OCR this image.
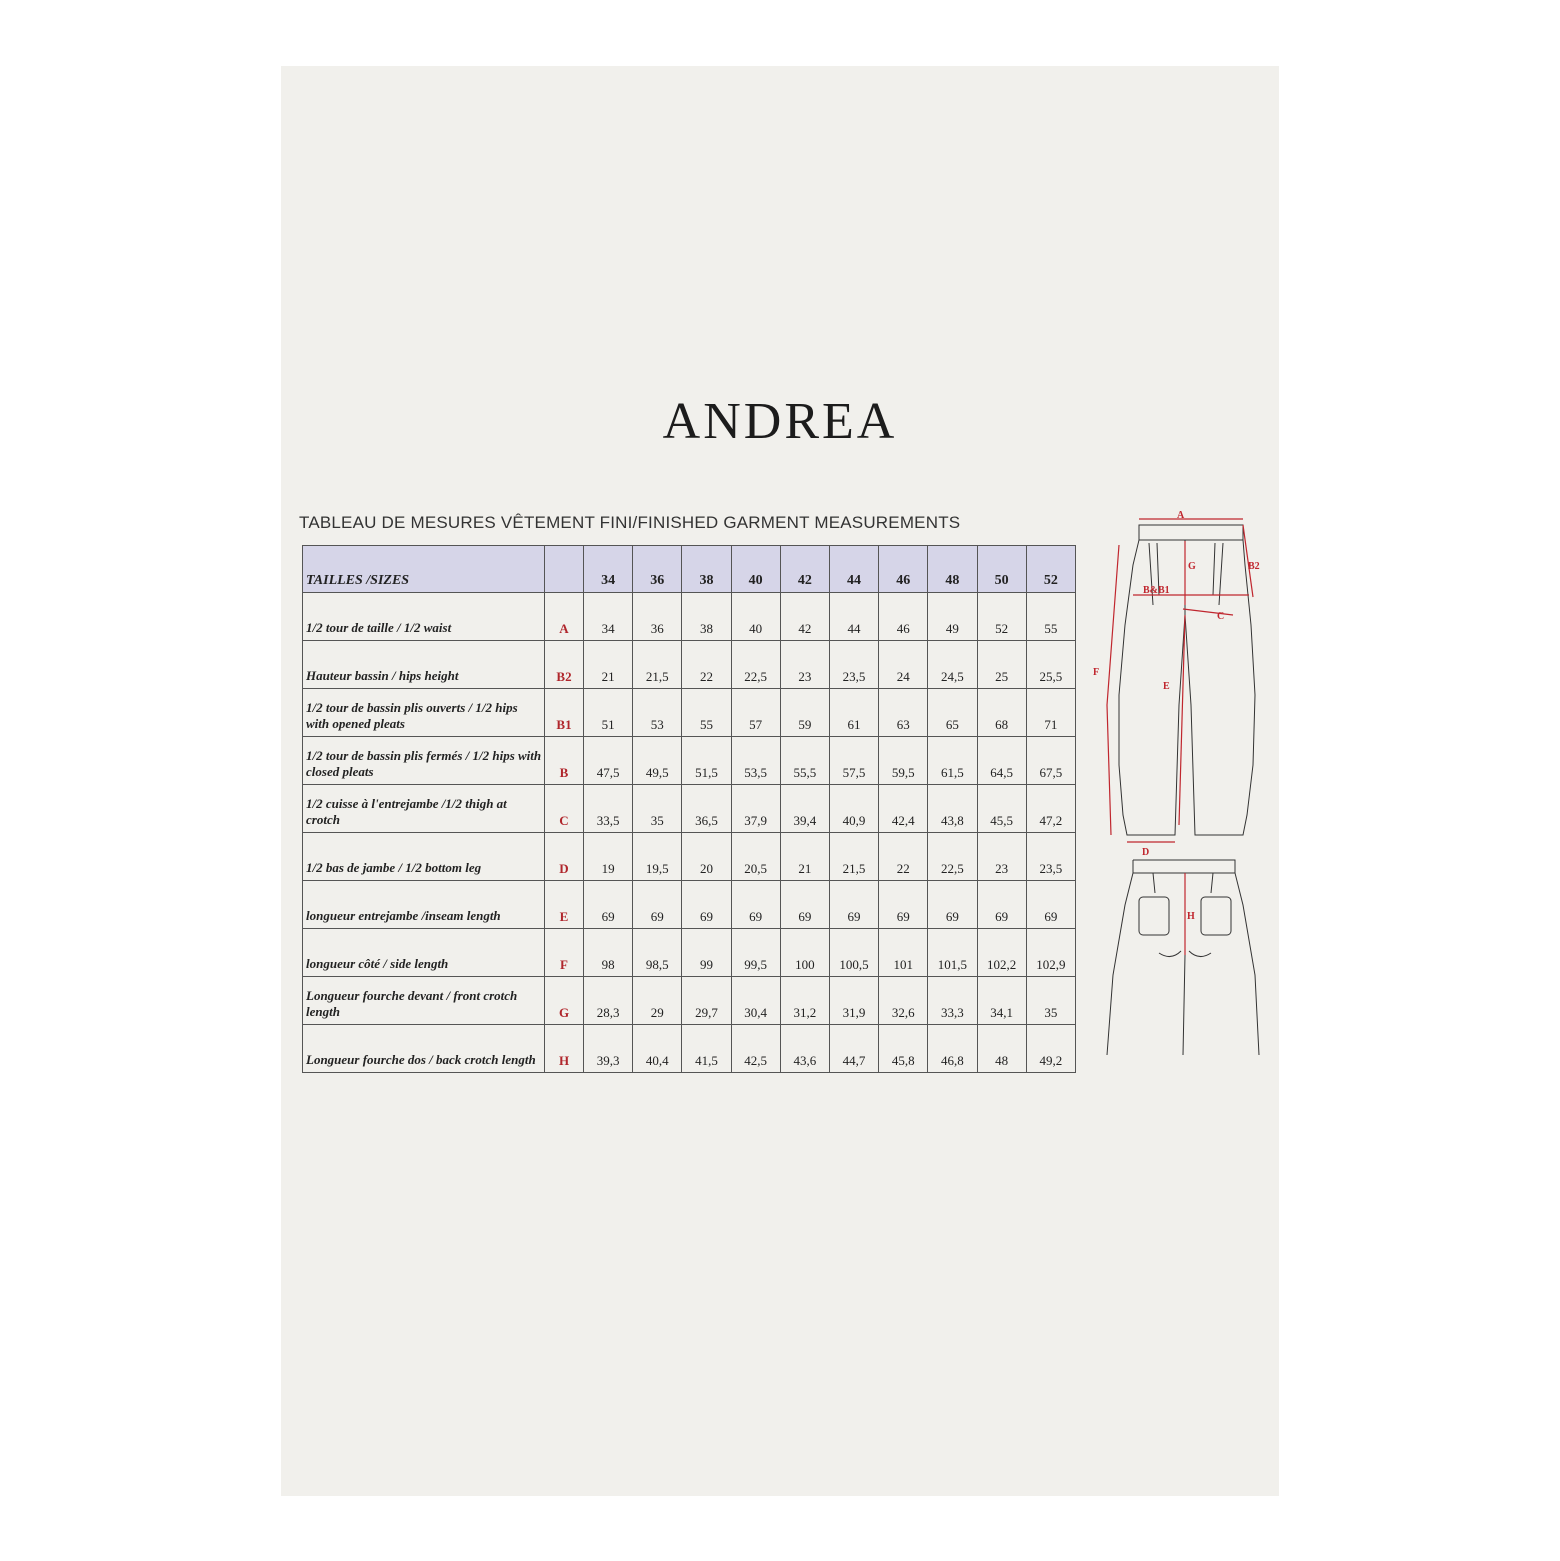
ANDREA
TABLEAU DE MESURES VÊTEMENT FINI/FINISHED GARMENT MEASUREMENTS
TAILLES /SIZES		34	36	38	40	42	44	46	48	50	52
1/2 tour de taille / 1/2 waist	A	34	36	38	40	42	44	46	49	52	55
Hauteur bassin / hips height	B2	21	21,5	22	22,5	23	23,5	24	24,5	25	25,5
1/2 tour de bassin plis ouverts / 1/2 hips with opened pleats	B1	51	53	55	57	59	61	63	65	68	71
1/2 tour de bassin plis fermés / 1/2 hips with closed pleats	B	47,5	49,5	51,5	53,5	55,5	57,5	59,5	61,5	64,5	67,5
1/2 cuisse à l'entrejambe /1/2 thigh at crotch	C	33,5	35	36,5	37,9	39,4	40,9	42,4	43,8	45,5	47,2
1/2 bas de jambe / 1/2 bottom leg	D	19	19,5	20	20,5	21	21,5	22	22,5	23	23,5
longueur entrejambe /inseam length	E	69	69	69	69	69	69	69	69	69	69
longueur côté / side length	F	98	98,5	99	99,5	100	100,5	101	101,5	102,2	102,9
Longueur fourche devant / front crotch length	G	28,3	29	29,7	30,4	31,2	31,9	32,6	33,3	34,1	35
Longueur fourche dos / back crotch length	H	39,3	40,4	41,5	42,5	43,6	44,7	45,8	46,8	48	49,2
A
B2
G
B&B1
C
F
E
D
H
